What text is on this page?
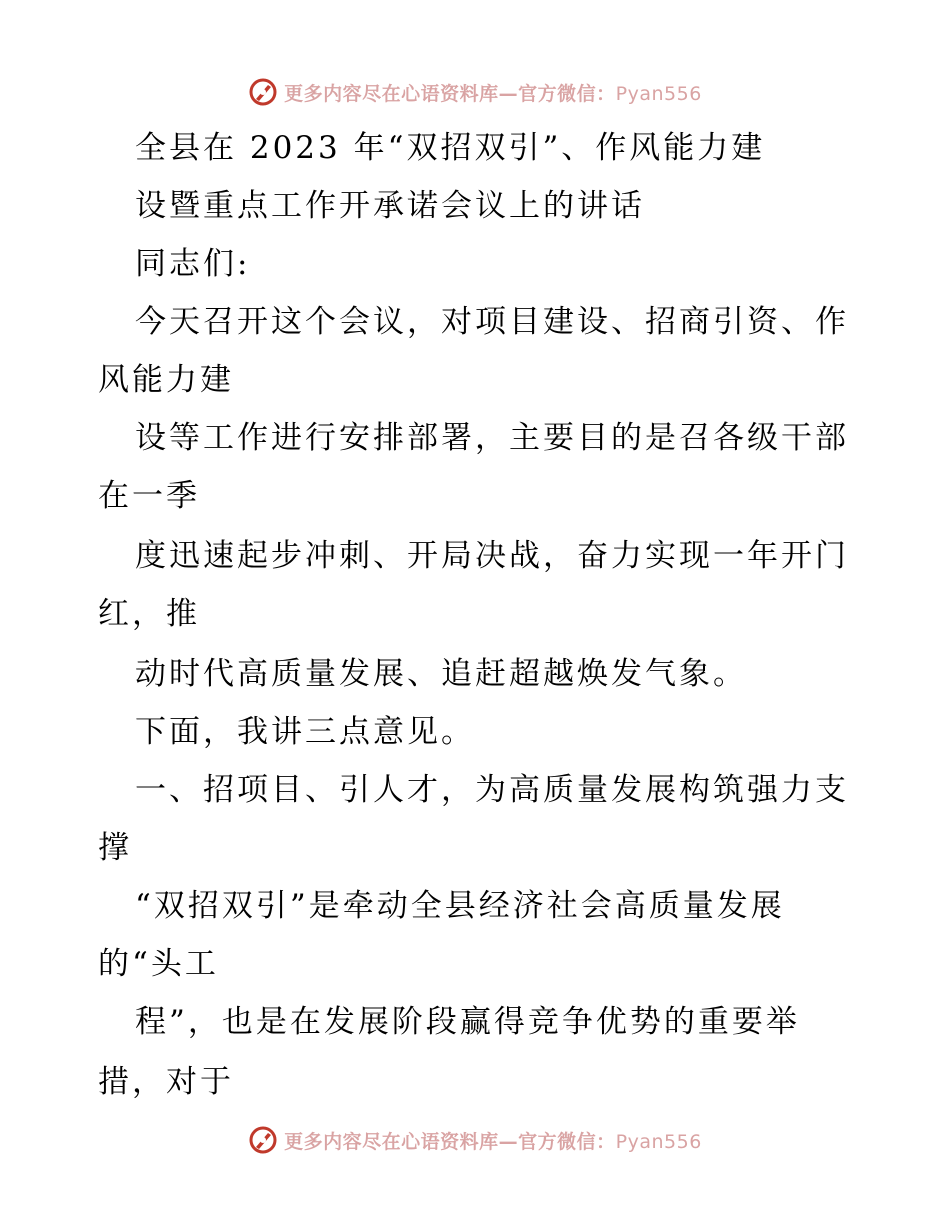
更多内容尽在心语资料库—官方微信：Pyan556
全县在 2023 年“双招双引”、作风能力建
设暨重点工作开承诺会议上的讲话
同志们:
今天召开这个会议，对项目建设、招商引资、作
风能力建
设等工作进行安排部署，主要目的是召各级干部
在一季
度迅速起步冲刺、开局决战，奋力实现一年开门
红，推
动时代高质量发展、追赶超越焕发气象。
下面，我讲三点意见。
一、招项目、引人才，为高质量发展构筑强力支
撑
“双招双引”是牵动全县经济社会高质量发展
的“头工
程”，也是在发展阶段赢得竞争优势的重要举
措，对于
更多内容尽在心语资料库—官方微信：Pyan556
